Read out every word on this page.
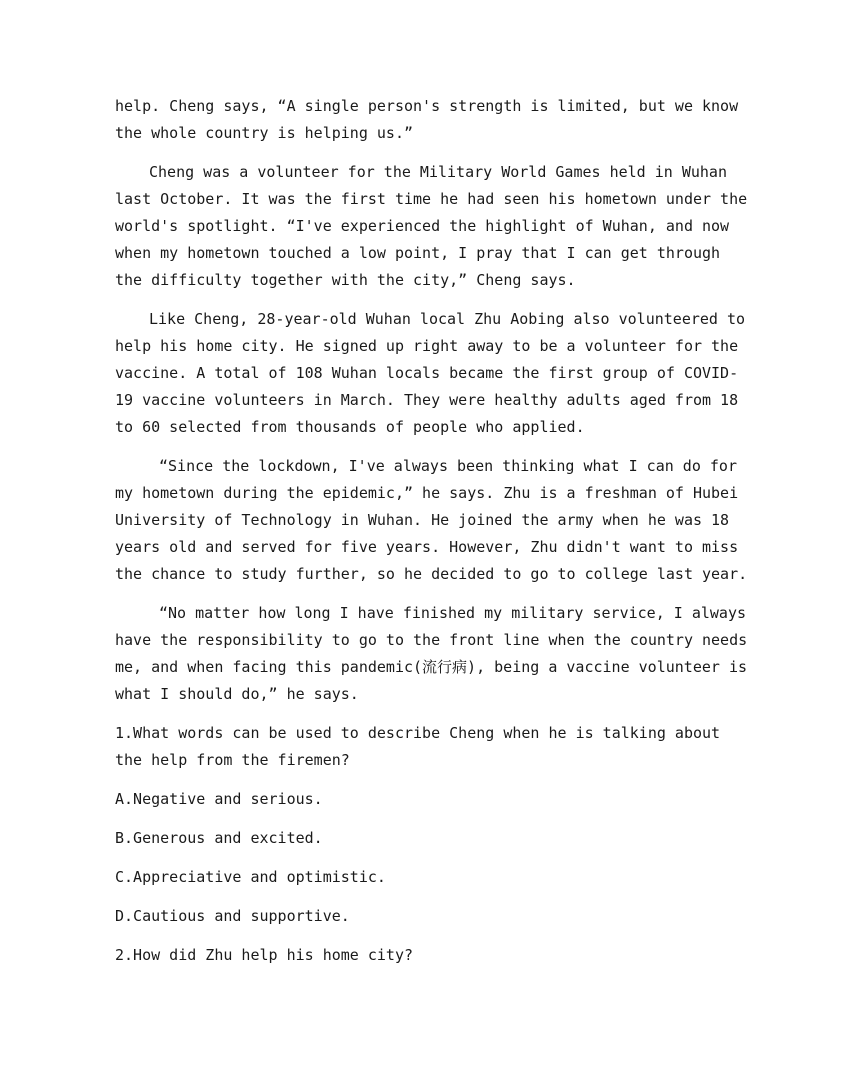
help. Cheng says, “A single person's strength is limited, but we know the whole country is helping us.”

Cheng was a volunteer for the Military World Games held in Wuhan last October. It was the first time he had seen his hometown under the world's spotlight. “I've experienced the highlight of Wuhan, and now when my hometown touched a low point, I pray that I can get through the difficulty together with the city,” Cheng says.

Like Cheng, 28-year-old Wuhan local Zhu Aobing also volunteered to help his home city. He signed up right away to be a volunteer for the vaccine. A total of 108 Wuhan locals became the first group of COVID-19 vaccine volunteers in March. They were healthy adults aged from 18 to 60 selected from thousands of people who applied.

“Since the lockdown, I've always been thinking what I can do for my hometown during the epidemic,” he says. Zhu is a freshman of Hubei University of Technology in Wuhan. He joined the army when he was 18 years old and served for five years. However, Zhu didn't want to miss the chance to study further, so he decided to go to college last year.

“No matter how long I have finished my military service, I always have the responsibility to go to the front line when the country needs me, and when facing this pandemic(流行病), being a vaccine volunteer is what I should do,” he says.

1.What words can be used to describe Cheng when he is talking about the help from the firemen?

A.Negative and serious.

B.Generous and excited.

C.Appreciative and optimistic.

D.Cautious and supportive.

2.How did Zhu help his home city?
